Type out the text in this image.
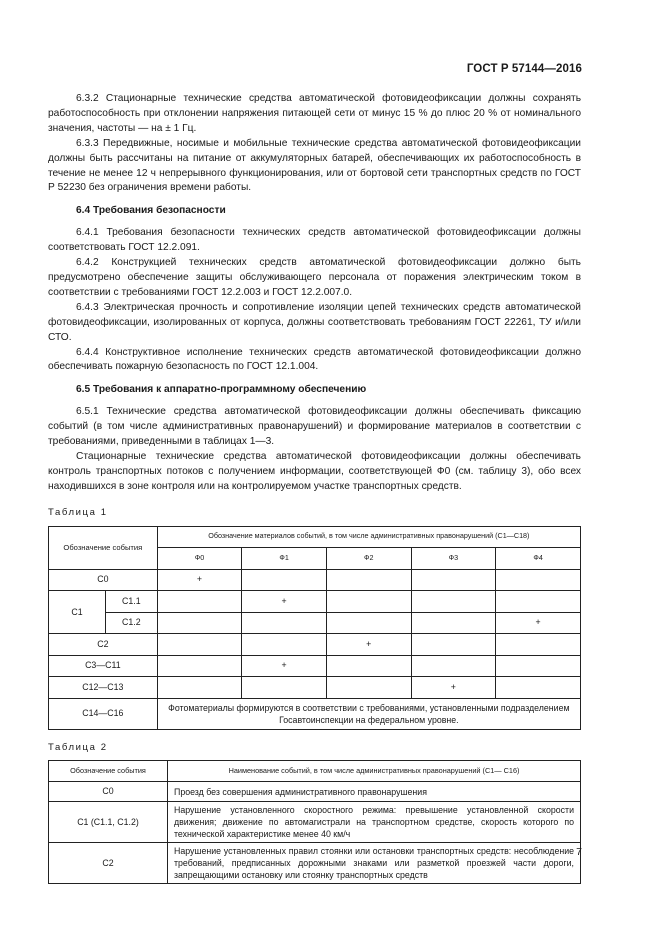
ГОСТ Р 57144—2016

6.3.2 Стационарные технические средства автоматической фотовидеофиксации должны сохранять работоспособность при отклонении напряжения питающей сети от минус 15 % до плюс 20 % от номинального значения, частоты — на ± 1 Гц.

6.3.3 Передвижные, носимые и мобильные технические средства автоматической фотовидеофиксации должны быть рассчитаны на питание от аккумуляторных батарей, обеспечивающих их работоспособность в течение не менее 12 ч непрерывного функционирования, или от бортовой сети транспортных средств по ГОСТ Р 52230 без ограничения времени работы.

6.4 Требования безопасности

6.4.1 Требования безопасности технических средств автоматической фотовидеофиксации должны соответствовать ГОСТ 12.2.091.

6.4.2 Конструкцией технических средств автоматической фотовидеофиксации должно быть предусмотрено обеспечение защиты обслуживающего персонала от поражения электрическим током в соответствии с требованиями ГОСТ 12.2.003 и ГОСТ 12.2.007.0.

6.4.3 Электрическая прочность и сопротивление изоляции цепей технических средств автоматической фотовидеофиксации, изолированных от корпуса, должны соответствовать требованиям ГОСТ 22261, ТУ и/или СТО.

6.4.4 Конструктивное исполнение технических средств автоматической фотовидеофиксации должно обеспечивать пожарную безопасность по ГОСТ 12.1.004.

6.5 Требования к аппаратно-программному обеспечению

6.5.1 Технические средства автоматической фотовидеофиксации должны обеспечивать фиксацию событий (в том числе административных правонарушений) и формирование материалов в соответствии с требованиями, приведенными в таблицах 1—3.

Стационарные технические средства автоматической фотовидеофиксации должны обеспечивать контроль транспортных потоков с получением информации, соответствующей Ф0 (см. таблицу 3), обо всех находившихся в зоне контроля или на контролируемом участке транспортных средств.

Таблица 1
Обозначение события		Обозначение материалов событий, в том числе административных правонарушений (С1—С18)				
		Ф0	Ф1	Ф2	Ф3	Ф4
С0		+				
С1	С1.1		+			
	С1.2					+
С2				+		
С3—С11			+			
С12—С13					+	
С14—С16		Фотоматериалы формируются в соответствии с требованиями, установленными подразделением Госавтоинспекции на федеральном уровне.				
Таблица 2
Обозначение события	Наименование событий, в том числе административных правонарушений (С1— С16)
С0	Проезд без совершения административного правонарушения
С1 (С1.1, С1.2)	Нарушение установленного скоростного режима: превышение установленной скорости движения; движение по автомагистрали на транспортном средстве, скорость которого по технической характеристике менее 40 км/ч
С2	Нарушение установленных правил стоянки или остановки транспортных средств: несоблюдение требований, предписанных дорожными знаками или разметкой проезжей части дороги, запрещающими остановку или стоянку транспортных средств
7
